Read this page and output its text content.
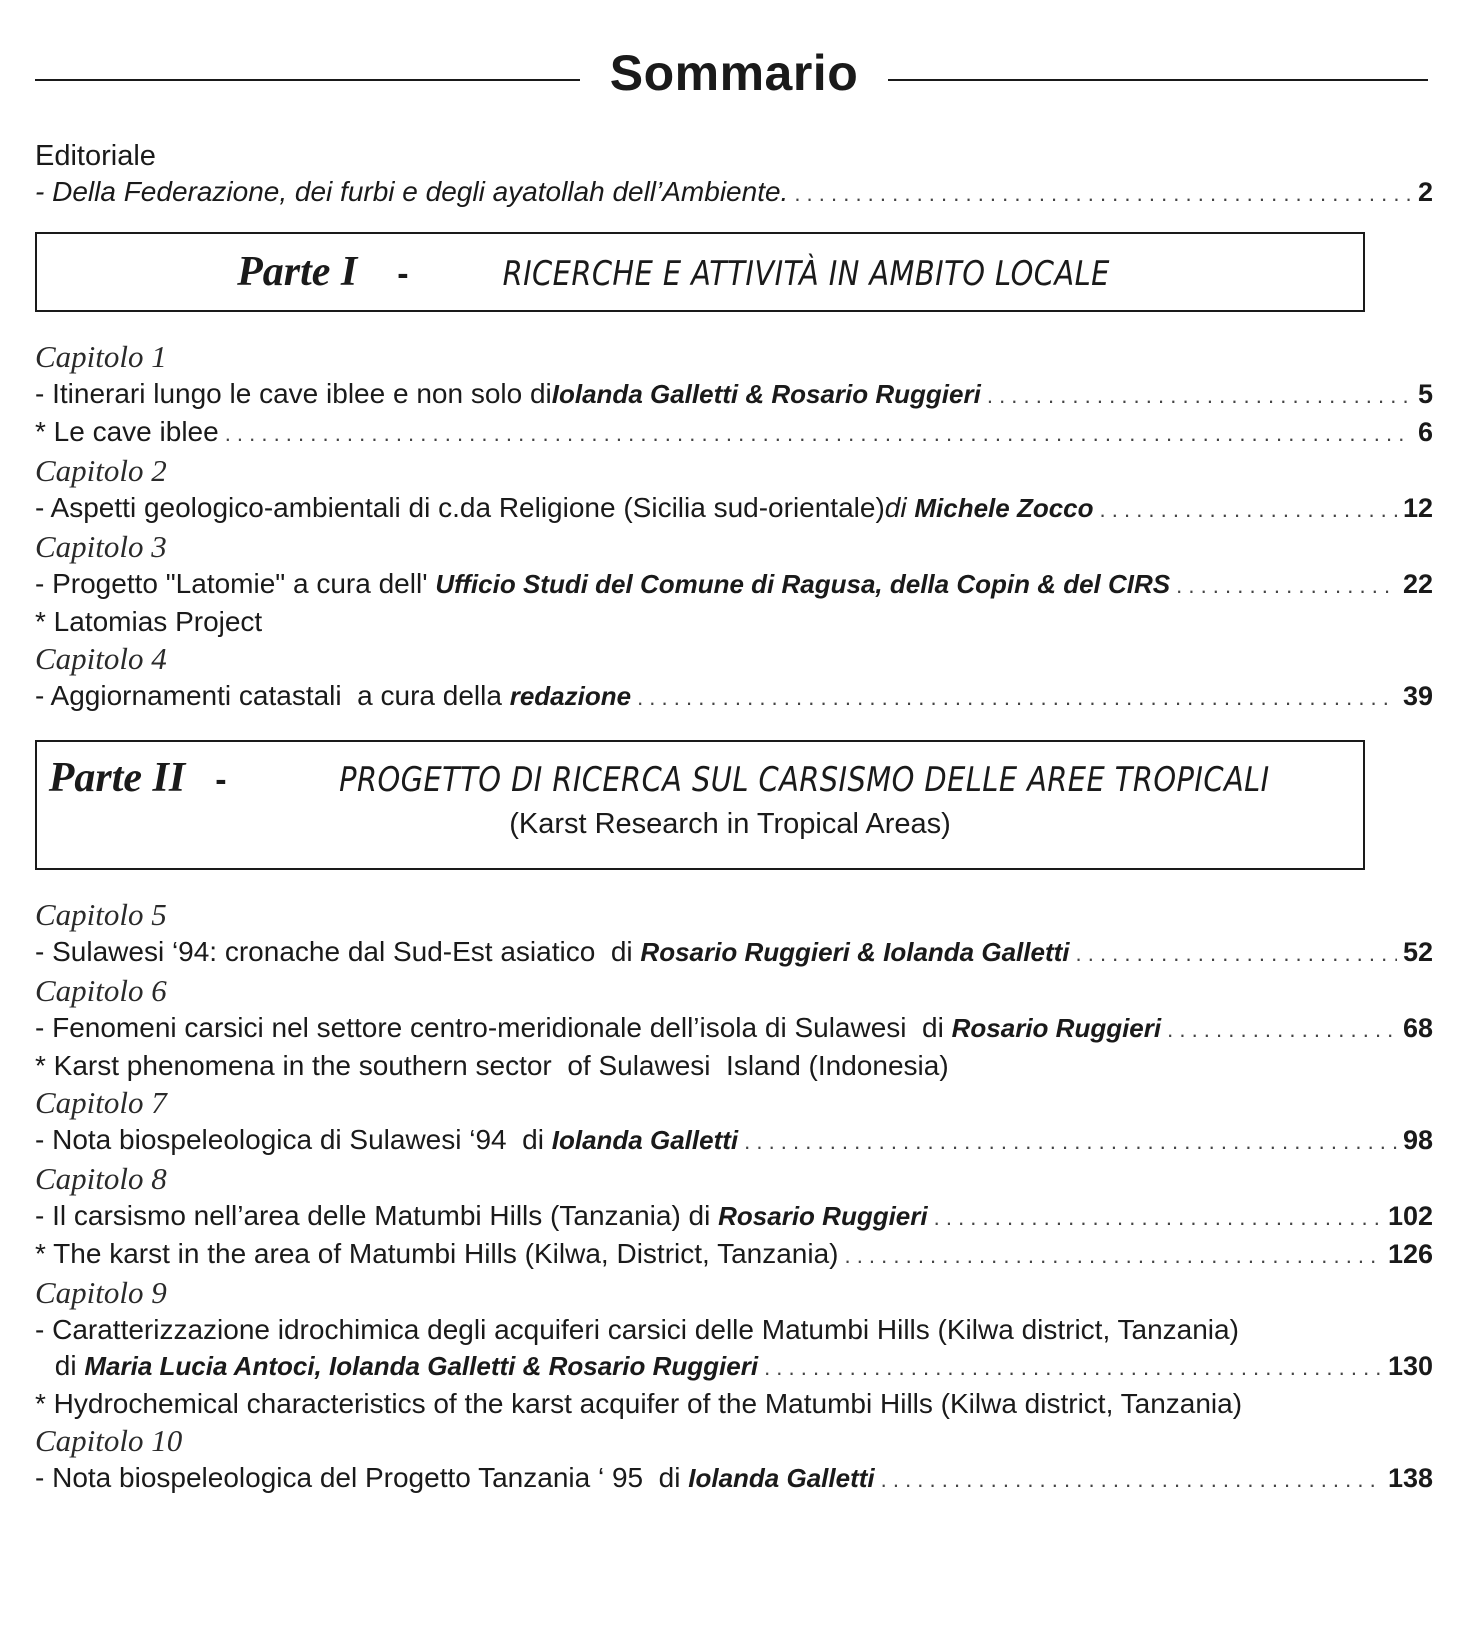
Sommario
Editoriale
- Della Federazione, dei furbi e degli ayatollah dell’Ambiente. . . .	2
Parte I -	RICERCHE E ATTIVITÀ IN AMBITO LOCALE
Capitolo 1
- Itinerari lungo le cave iblee e non solo di Iolanda Galletti & Rosario Ruggieri . . .	5
* Le cave iblee . . .	6
Capitolo 2
- Aspetti geologico-ambientali di c.da Religione (Sicilia sud-orientale) di Michele Zocco . . .	12
Capitolo 3
- Progetto "Latomie" a cura dell' Ufficio Studi del Comune di Ragusa, della Copin & del CIRS . . .	22
* Latomias Project
Capitolo 4
- Aggiornamenti catastali  a cura della redazione . . .	39
Parte II -	PROGETTO DI RICERCA SUL CARSISMO DELLE AREE TROPICALI
(Karst Research in Tropical Areas)
Capitolo 5
- Sulawesi ‘94: cronache dal Sud-Est asiatico  di Rosario Ruggieri & Iolanda Galletti . . .	52
Capitolo 6
- Fenomeni carsici nel settore centro-meridionale dell’isola di Sulawesi  di Rosario Ruggieri . . .	68
* Karst phenomena in the southern sector  of Sulawesi  Island (Indonesia)
Capitolo 7
- Nota biospeleologica di Sulawesi ‘94  di Iolanda Galletti . . .	98
Capitolo 8
- Il carsismo nell’area delle Matumbi Hills (Tanzania) di Rosario Ruggieri . . .	102
* The karst in the area of Matumbi Hills (Kilwa, District, Tanzania) . . .	126
Capitolo 9
- Caratterizzazione idrochimica degli acquiferi carsici delle Matumbi Hills (Kilwa district, Tanzania)
di Maria Lucia Antoci, Iolanda Galletti & Rosario Ruggieri . . .	130
* Hydrochemical characteristics of the karst acquifer of the Matumbi Hills (Kilwa district, Tanzania)
Capitolo 10
- Nota biospeleologica del Progetto Tanzania ‘ 95  di Iolanda Galletti . . .	138
